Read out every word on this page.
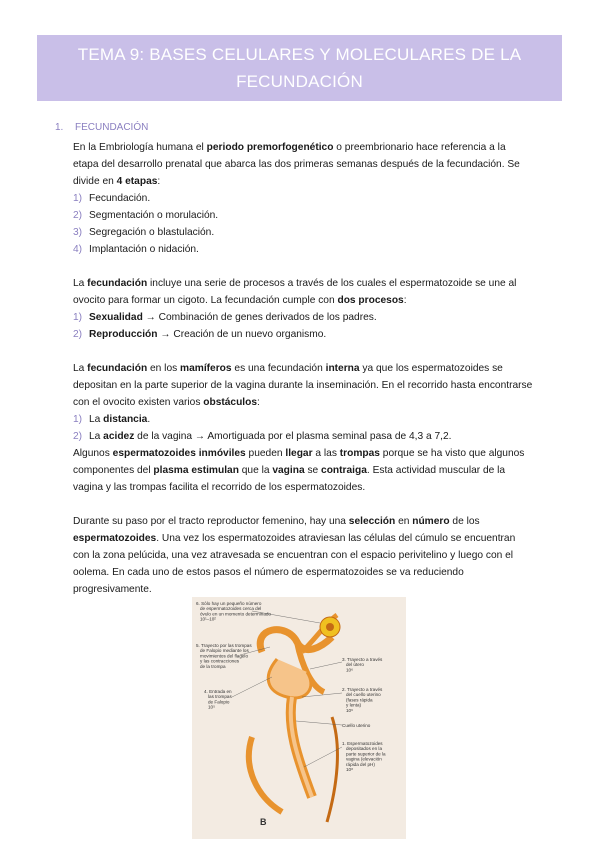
TEMA 9: BASES CELULARES Y MOLECULARES DE LA FECUNDACIÓN
1. FECUNDACIÓN

En la Embriología humana el periodo premorfogenético o preembrionario hace referencia a la etapa del desarrollo prenatal que abarca las dos primeras semanas después de la fecundación. Se divide en 4 etapas:

1) Fecundación.
2) Segmentación o morulación.
3) Segregación o blastulación.
4) Implantación o nidación.

La fecundación incluye una serie de procesos a través de los cuales el espermatozoide se une al ovocito para formar un cigoto. La fecundación cumple con dos procesos:

1) Sexualidad → Combinación de genes derivados de los padres.
2) Reproducción → Creación de un nuevo organismo.

La fecundación en los mamíferos es una fecundación interna ya que los espermatozoides se depositan en la parte superior de la vagina durante la inseminación. En el recorrido hasta encontrarse con el ovocito existen varios obstáculos:

1) La distancia.
2) La acidez de la vagina → Amortiguada por el plasma seminal pasa de 4,3 a 7,2.

Algunos espermatozoides inmóviles pueden llegar a las trompas porque se ha visto que algunos componentes del plasma estimulan que la vagina se contraiga. Esta actividad muscular de la vagina y las trompas facilita el recorrido de los espermatozoides.

Durante su paso por el tracto reproductor femenino, hay una selección en número de los espermatozoides. Una vez los espermatozoides atraviesan las células del cúmulo se encuentran con la zona pelúcida, una vez atravesada se encuentran con el espacio perivitelino y luego con el oolema. En cada uno de estos pasos el número de espermatozoides se va reduciendo progresivamente.

6. Sólo hay un pequeño número de espermatozoides cerca del óvulo en un momento determinado 10¹–10²
5. Trayecto por las trompas de Falopio mediante los movimientos del flagelo y las contracciones de la trompa
3. Trayecto a través del útero 10⁶
4. Entrada en las trompas de Falopio 10⁵
2. Trayecto a través del cuello uterino (fases rápida y lenta) 10⁶
Cuello uterino
1. Espermatozoides depositados en la parte superior de la vagina (elevación rápida del pH) 10⁸
B
